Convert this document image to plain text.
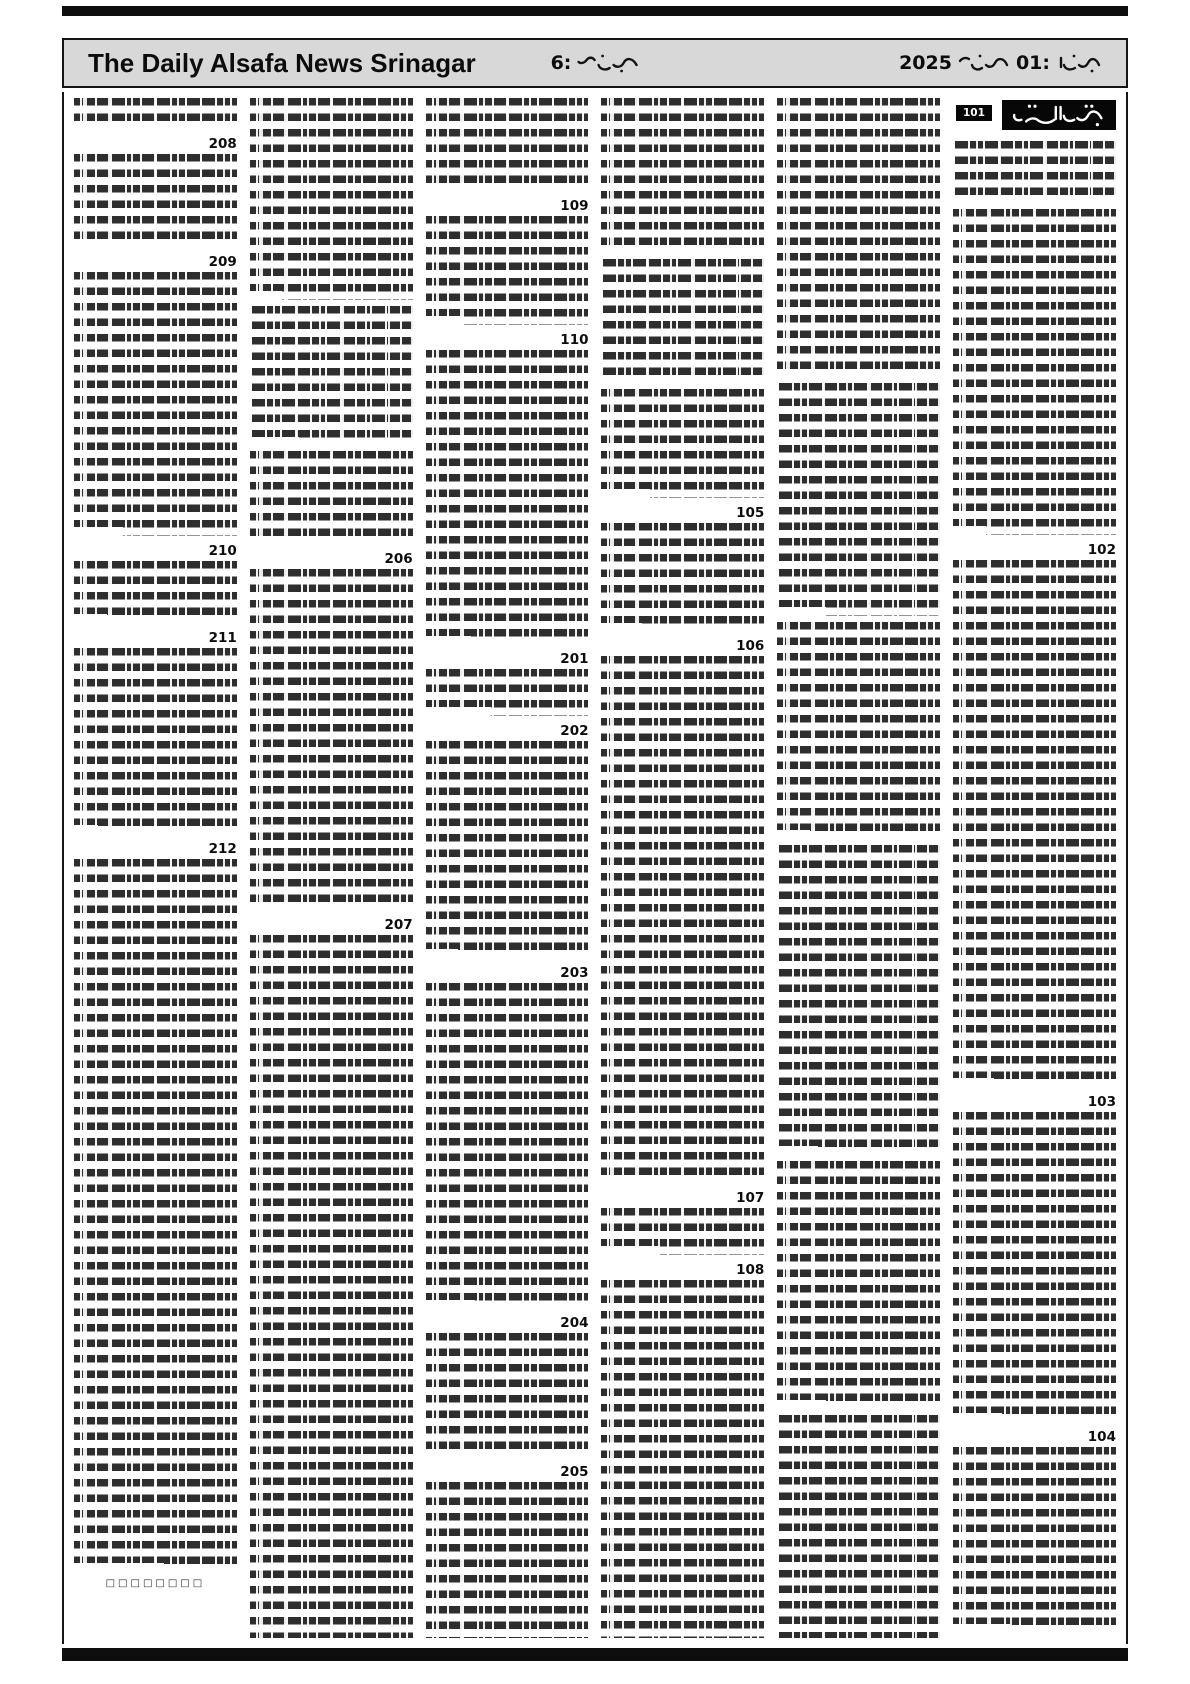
The Daily Alsafa News Srinagar	6:	2025	01:
208
209
210
211
212
□□□□□□□□
206
207
109
110
201
202
203
204
205
105
106
107
108
101
102
103
104
